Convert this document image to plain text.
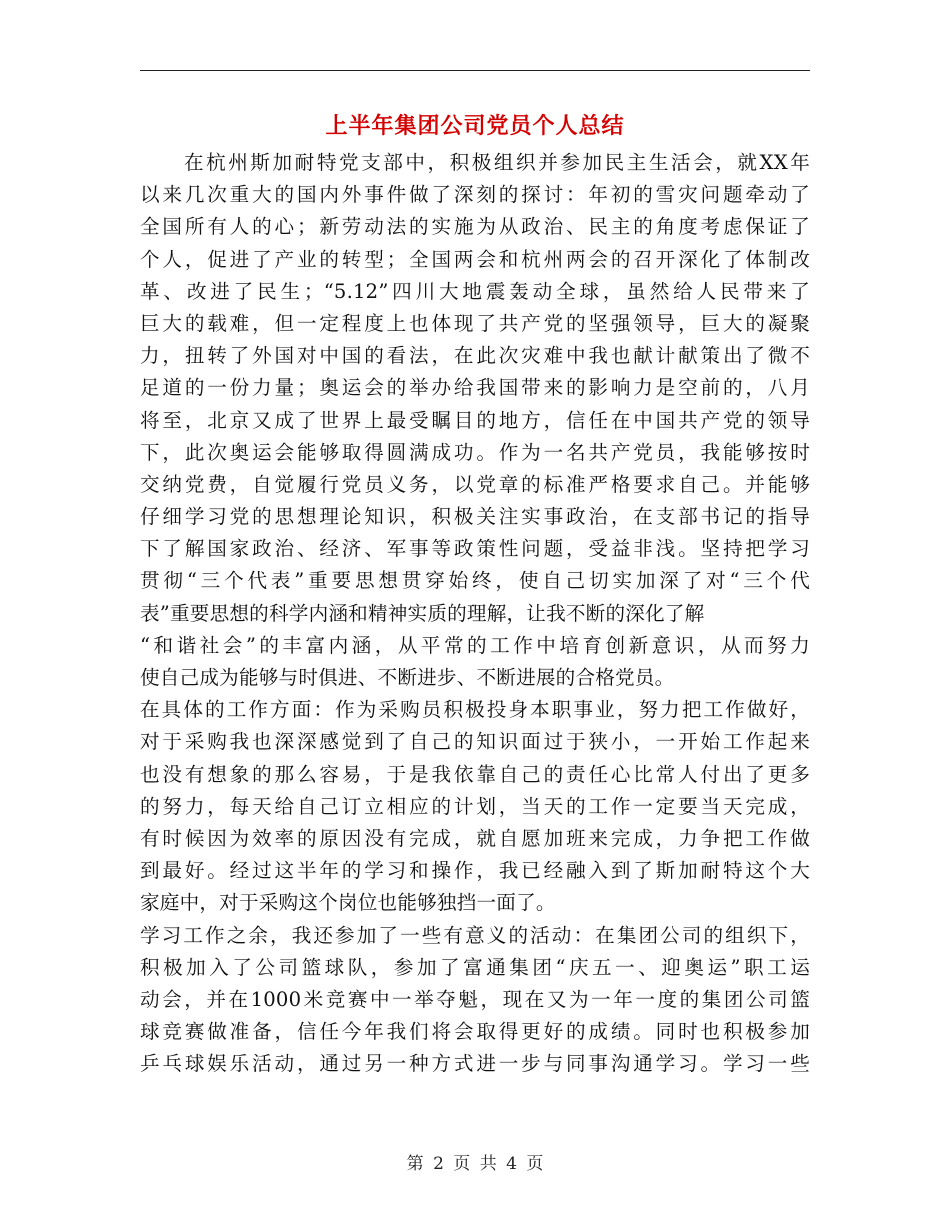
上半年集团公司党员个人总结
在杭州斯加耐特党支部中，积极组织并参加民主生活会，就XX年
以来几次重大的国内外事件做了深刻的探讨：年初的雪灾问题牵动了
全国所有人的心；新劳动法的实施为从政治、民主的角度考虑保证了
个人，促进了产业的转型；全国两会和杭州两会的召开深化了体制改
革、改进了民生；“5.12”四川大地震轰动全球，虽然给人民带来了
巨大的载难，但一定程度上也体现了共产党的坚强领导，巨大的凝聚
力，扭转了外国对中国的看法，在此次灾难中我也献计献策出了微不
足道的一份力量；奥运会的举办给我国带来的影响力是空前的，八月
将至，北京又成了世界上最受瞩目的地方，信任在中国共产党的领导
下，此次奥运会能够取得圆满成功。作为一名共产党员，我能够按时
交纳党费，自觉履行党员义务，以党章的标准严格要求自己。并能够
仔细学习党的思想理论知识，积极关注实事政治，在支部书记的指导
下了解国家政治、经济、军事等政策性问题，受益非浅。坚持把学习
贯彻“三个代表”重要思想贯穿始终，使自己切实加深了对“三个代
表”重要思想的科学内涵和精神实质的理解，让我不断的深化了解
“和谐社会”的丰富内涵，从平常的工作中培育创新意识，从而努力
使自己成为能够与时俱进、不断进步、不断进展的合格党员。
在具体的工作方面：作为采购员积极投身本职事业，努力把工作做好，
对于采购我也深深感觉到了自己的知识面过于狭小，一开始工作起来
也没有想象的那么容易，于是我依靠自己的责任心比常人付出了更多
的努力，每天给自己订立相应的计划，当天的工作一定要当天完成，
有时候因为效率的原因没有完成，就自愿加班来完成，力争把工作做
到最好。经过这半年的学习和操作，我已经融入到了斯加耐特这个大
家庭中，对于采购这个岗位也能够独挡一面了。
学习工作之余，我还参加了一些有意义的活动：在集团公司的组织下，
积极加入了公司篮球队，参加了富通集团“庆五一、迎奥运”职工运
动会，并在1000米竞赛中一举夺魁，现在又为一年一度的集团公司篮
球竞赛做准备，信任今年我们将会取得更好的成绩。同时也积极参加
乒乓球娱乐活动，通过另一种方式进一步与同事沟通学习。学习一些
第 2 页 共 4 页
